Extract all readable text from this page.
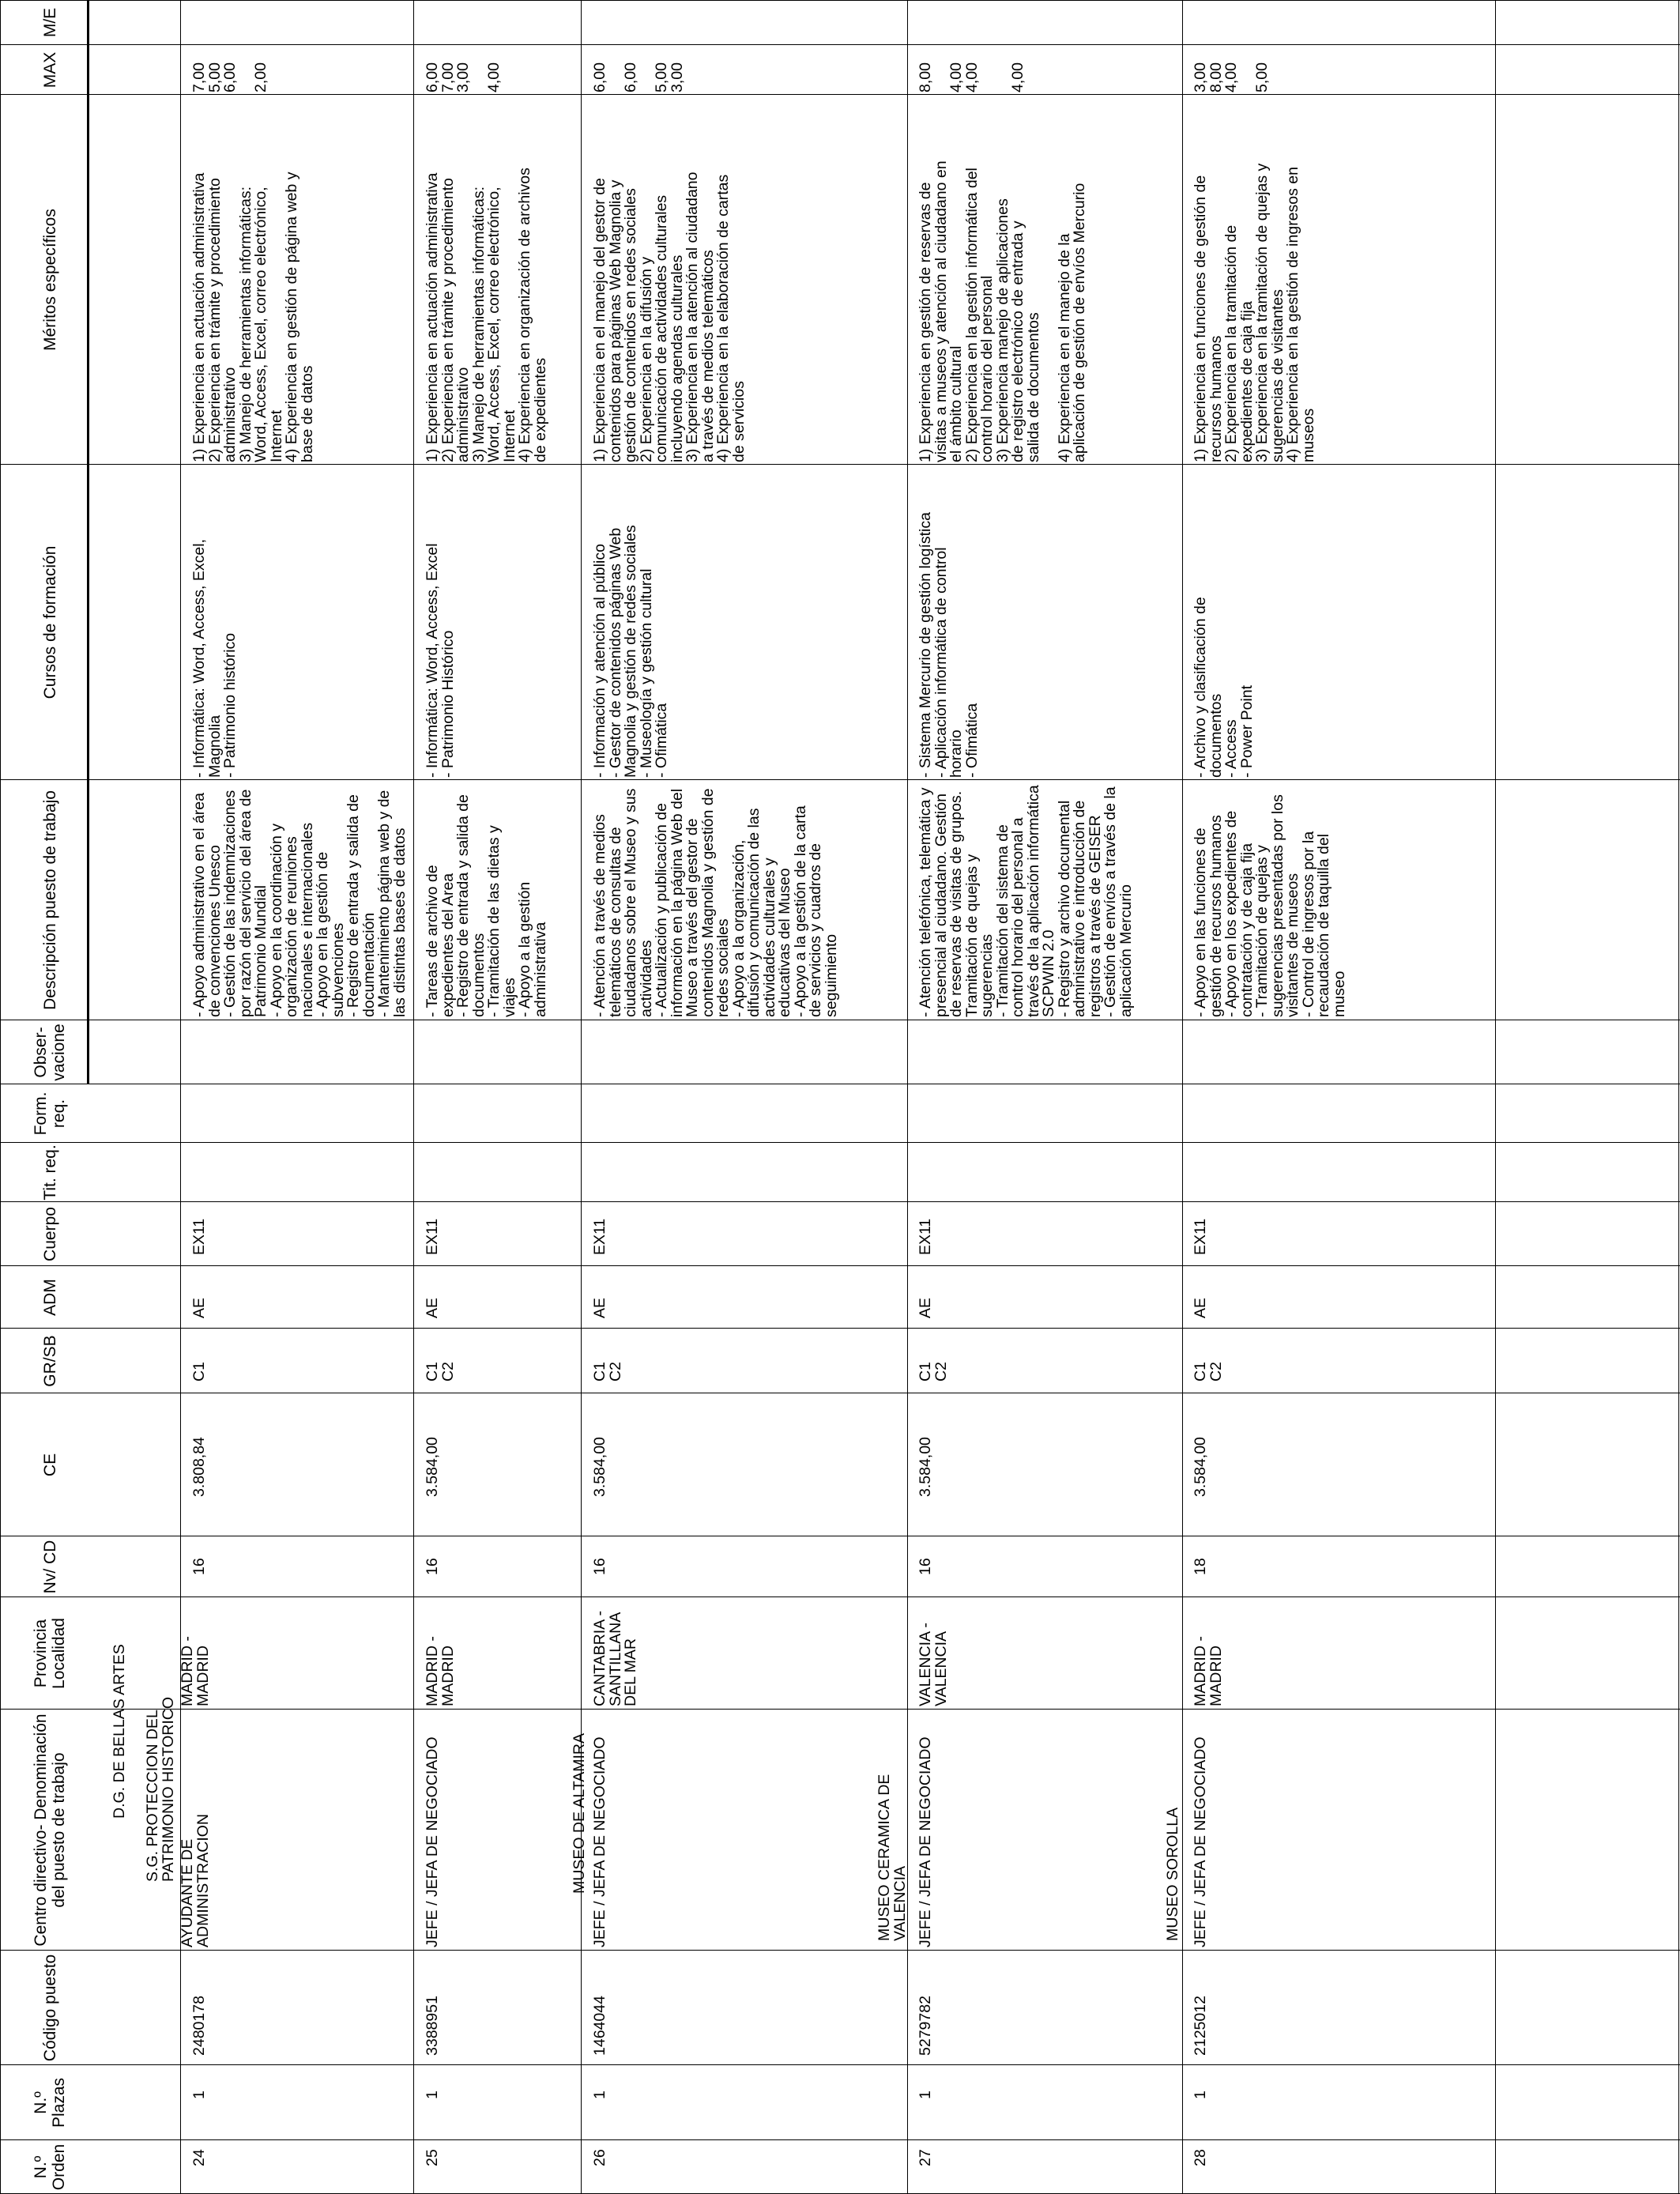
N.º
Orden
N.º
Plazas
Código puesto
Centro directivo- Denominación
del puesto de trabajo
Provincia
Localidad
Nv/ CD
CE
GR/SB
ADM
Cuerpo
Tit. req.
Form.
req.
Obser-
vacione
Descripción puesto de trabajo
Cursos de formación
Méritos específicos
MAX
M/E
D.G. DE BELLAS ARTES
S.G. PROTECCION DEL
PATRIMONIO HISTORICO
24
1
2480178
AYUDANTE DE
ADMINISTRACION
MADRID -
MADRID
16
3.808,84
C1
AE
EX11
- Apoyo administrativo en el área
de convenciones Unesco
- Gestión de las indemnizaciones
por razón del servicio del área de
Patrimonio Mundial
- Apoyo en la coordinación y
organización de reuniones
nacionales e internacionales
- Apoyo en la gestión de
subvenciones
- Registro de entrada y salida de
documentación
- Mantenimiento página web y de
las distintas bases de datos
- Informática: Word, Access, Excel,
Magnolia
- Patrimonio histórico
1) Experiencia en actuación administrativa
2) Experiencia en trámite y procedimiento
administrativo
3) Manejo de herramientas informáticas:
Word, Access, Excel, correo electrónico,
Internet
4) Experiencia en gestión de página web y
base de datos
7,00
5,00
6,00

2,00
25
1
3388951
JEFE / JEFA DE NEGOCIADO
MADRID -
MADRID
16
3.584,00
C1
C2
AE
EX11
- Tareas de archivo de
expedientes del Area
- Registro de entrada y salida de
documentos
- Tramitación de las dietas y
viajes
- Apoyo a la gestión
administrativa
- Informática: Word, Access, Excel
- Patrimonio Histórico
1) Experiencia en actuación administrativa
2) Experiencia en trámite y procedimiento
administrativo
3) Manejo de herramientas informáticas:
Word, Access, Excel, correo electrónico,
Internet
4) Experiencia en organización de archivos
de expedientes
6,00
7,00
3,00

4,00
MUSEO DE ALTAMIRA
26
1
1464044
JEFE / JEFA DE NEGOCIADO
CANTABRIA -
SANTILLANA
DEL MAR
16
3.584,00
C1
C2
AE
EX11
- Atención a través de medios
telemáticos de consultas de
ciudadanos sobre el Museo y sus
actividades
- Actualización y publicación de
información en la página Web del
Museo a través del gestor de
contenidos Magnolia y gestión de
redes sociales
- Apoyo a la organización,
difusión y comunicación de las
actividades culturales y
educativas del Museo
- Apoyo a la gestión de la carta
de servicios y cuadros de
seguimiento
- Información y atención al público
- Gestor de contenidos páginas Web
Magnolia y gestión de redes sociales
- Museología y gestión cultural
- Ofimática
1) Experiencia en el manejo del gestor de
contenidos para páginas Web Magnolia y
gestión de contenidos en redes sociales
2) Experiencia en la difusión y
comunicación de actividades culturales
incluyendo agendas culturales
3) Experiencia en la atención al ciudadano
a través de medios telemáticos
4) Experiencia en la elaboración de cartas
de servicios
6,00

6,00

5,00
3,00
MUSEO CERAMICA DE
VALENCIA
27
1
5279782
JEFE / JEFA DE NEGOCIADO
VALENCIA -
VALENCIA
16
3.584,00
C1
C2
AE
EX11
- Atención telefónica, telemática y
presencial al ciudadano. Gestión
de reservas de visitas de grupos.
Tramitación de quejas y
sugerencias
- Tramitación del sistema de
control horario del personal a
través de la aplicación informática
SCPWIN 2.0
- Registro y archivo documental
administrativo e introducción de
registros a través de GEISER
- Gestión de envíos a través de la
aplicación Mercurio
- Sistema Mercurio de gestión logística
- Aplicación informática de control
horario
- Ofimática
1) Experiencia en gestión de reservas de
visitas a museos y atención al ciudadano en
el ámbito cultural
2) Experiencia en la gestión informática del
control horario del personal
3) Experiencia manejo de aplicaciones
de registro electrónico de entrada y
salida de documentos

4) Experiencia en el manejo de la
aplicación de gestión de envíos Mercurio
8,00

4,00
4,00

4,00
MUSEO SOROLLA
28
1
2125012
JEFE / JEFA DE NEGOCIADO
MADRID -
MADRID
18
3.584,00
C1
C2
AE
EX11
- Apoyo en las funciones de
gestión de recursos humanos
- Apoyo en los expedientes de
contratación y de caja fija
- Tramitación de quejas y
sugerencias presentadas por los
visitantes de museos
- Control de ingresos por la
recaudación de taquilla del
museo
- Archivo y clasificación de
documentos
- Access
- Power Point
1) Experiencia en funciones de gestión de
recursos humanos
2) Experiencia en la tramitación de
expedientes de caja fija
3) Experiencia en la tramitación de quejas y
sugerencias de visitantes
4) Experiencia en la gestión de ingresos en
museos
3,00
8,00
4,00

5,00
